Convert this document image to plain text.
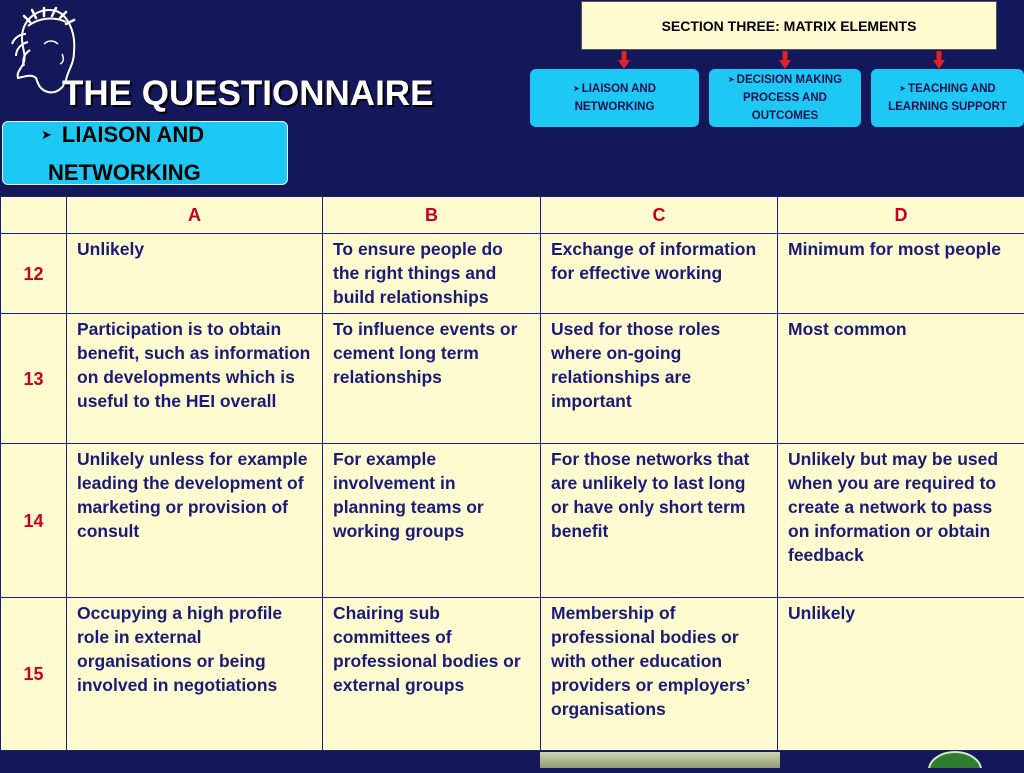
THE QUESTIONNAIRE
SECTION THREE: MATRIX ELEMENTS
➤ LIAISON AND
NETWORKING
➤ DECISION MAKING
PROCESS AND
OUTCOMES
➤ TEACHING AND
LEARNING SUPPORT
➤ LIAISON AND
NETWORKING
	A	B	C	D
12	Unlikely	To ensure people do the right things and build relationships	Exchange of information for effective working	Minimum for most people
13	Participation is to obtain benefit, such as information on developments which is useful to the HEI overall	To influence events or cement long term relationships	Used for those roles where on-going relationships are important	Most common
14	Unlikely unless for example leading the development of marketing or provision of consult	For example involvement in planning teams or working groups	For those networks that are unlikely to last long or have only short term benefit	Unlikely but may be used when you are required to create a network to pass on information or obtain feedback
15	Occupying a high profile role in external organisations or being involved in negotiations	Chairing sub committees of professional bodies or external groups	Membership of professional bodies or with other education providers or employers’ organisations	Unlikely
